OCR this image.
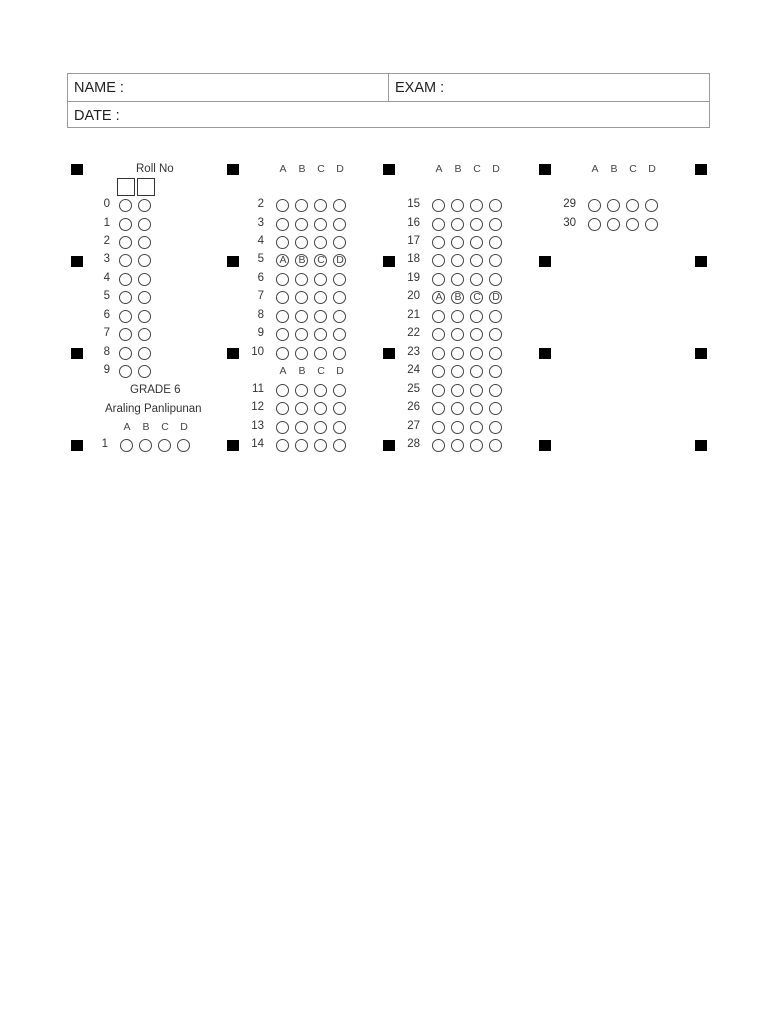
NAME :	EXAM :
DATE :
Roll No
0
1
2
3
4
5
6
7
8
9
GRADE 6
Araling Panlipunan
A	B	C	D
1
A	B	C	D
2
3
4
5	A	B	C	D
6
7
8
9
10
A	B	C	D
11
12
13
14
A	B	C	D
15
16
17
18
19
20	A	B	C	D
21
22
23
24
25
26
27
28
A	B	C	D
29
30
